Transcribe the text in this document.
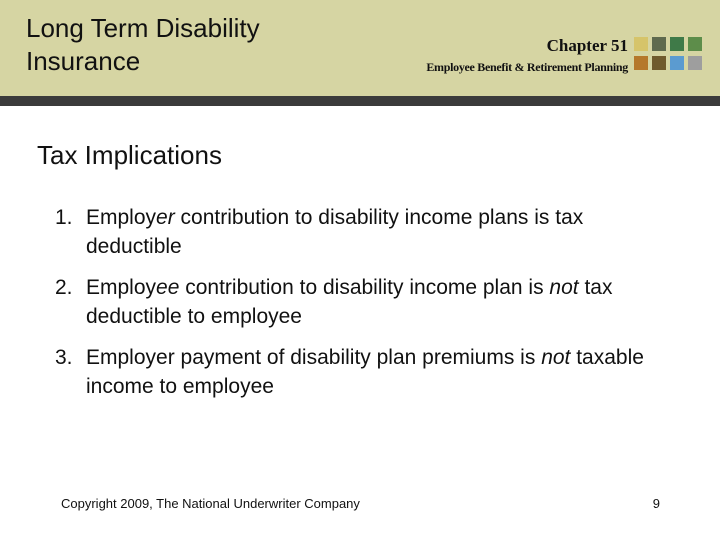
Long Term Disability
Insurance
Chapter 51
Employee Benefit & Retirement Planning
Tax Implications
1. Employer contribution to disability income plans is tax deductible
2. Employee contribution to disability income plan is not tax deductible to employee
3. Employer payment of disability plan premiums is not taxable income to employee
Copyright 2009, The National Underwriter Company	9
